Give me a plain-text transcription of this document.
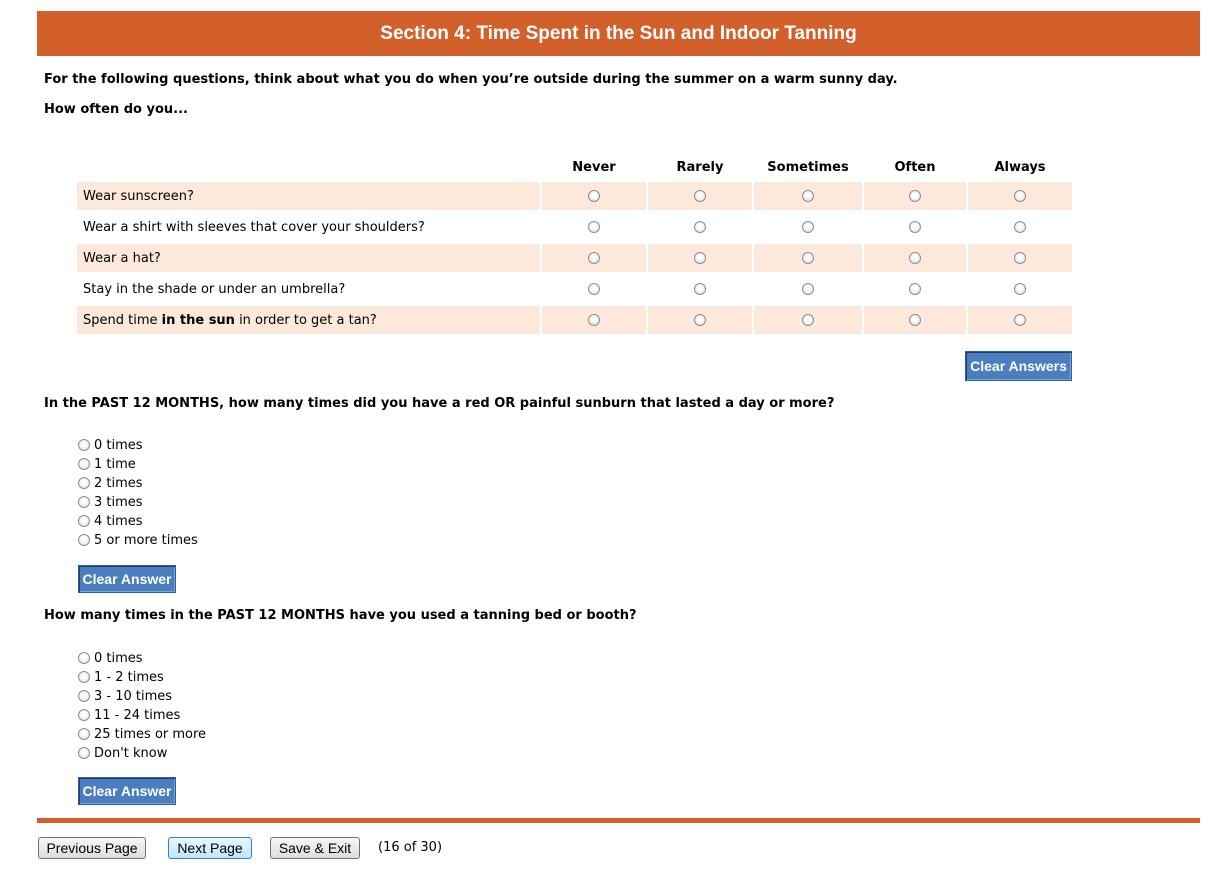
Section 4: Time Spent in the Sun and Indoor Tanning
For the following questions, think about what you do when you’re outside during the summer on a warm sunny day.
How often do you...
	Never	Rarely	Sometimes	Often	Always
Wear sunscreen?					
Wear a shirt with sleeves that cover your shoulders?					
Wear a hat?					
Stay in the shade or under an umbrella?					
Spend time in the sun in order to get a tan?					
Clear Answers
In the PAST 12 MONTHS, how many times did you have a red OR painful sunburn that lasted a day or more?
0 times
1 time
2 times
3 times
4 times
5 or more times
Clear Answer
How many times in the PAST 12 MONTHS have you used a tanning bed or booth?
0 times
1 - 2 times
3 - 10 times
11 - 24 times
25 times or more
Don't know
Clear Answer
Previous Page	Next Page	Save & Exit	(16 of 30)
